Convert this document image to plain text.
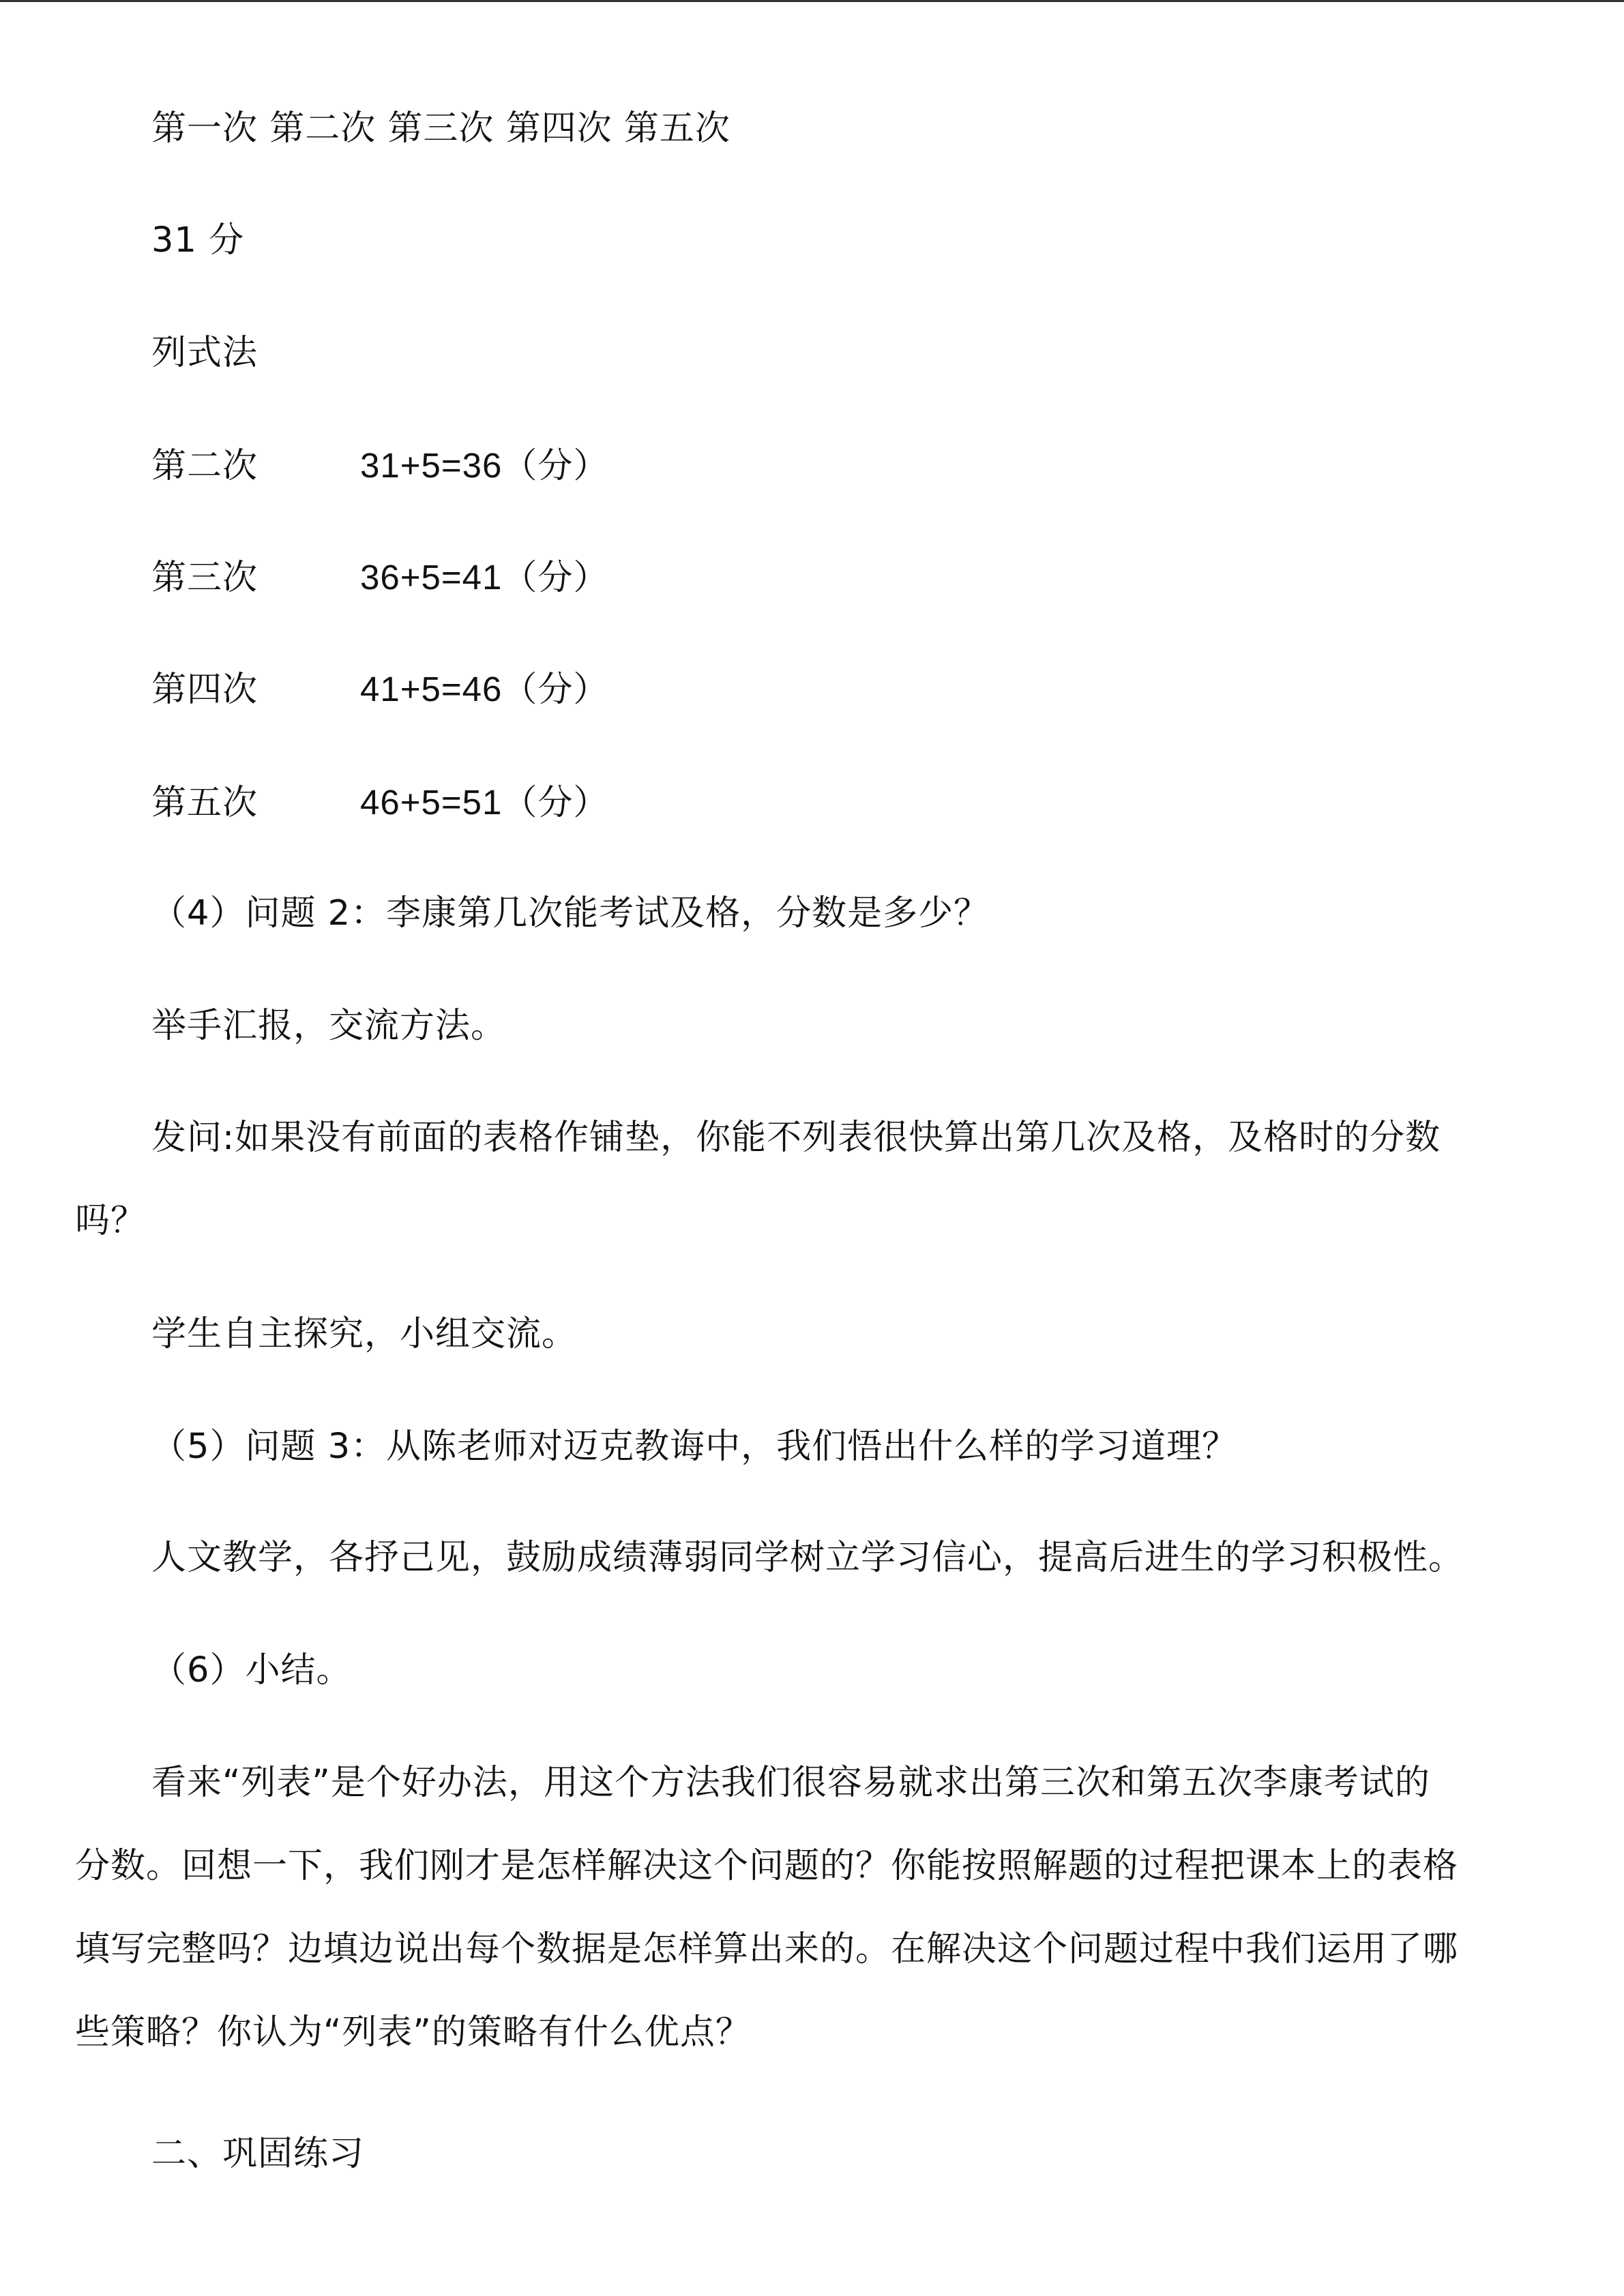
第一次 第二次 第三次 第四次 第五次
31 分
列式法
第二次	31+5=36（分）
第三次	36+5=41（分）
第四次	41+5=46（分）
第五次	46+5=51（分）
（4）问题 2：李康第几次能考试及格，分数是多少？
举手汇报，交流方法。
发问:如果没有前面的表格作铺垫，你能不列表很快算出第几次及格，及格时的分数
吗？
学生自主探究，小组交流。
（5）问题 3：从陈老师对迈克教诲中，我们悟出什么样的学习道理？
人文教学，各抒己见，鼓励成绩薄弱同学树立学习信心，提高后进生的学习积极性。
（6）小结。
看来“列表”是个好办法，用这个方法我们很容易就求出第三次和第五次李康考试的
分数。回想一下，我们刚才是怎样解决这个问题的？你能按照解题的过程把课本上的表格
填写完整吗？边填边说出每个数据是怎样算出来的。在解决这个问题过程中我们运用了哪
些策略？你认为“列表”的策略有什么优点？
二、巩固练习
